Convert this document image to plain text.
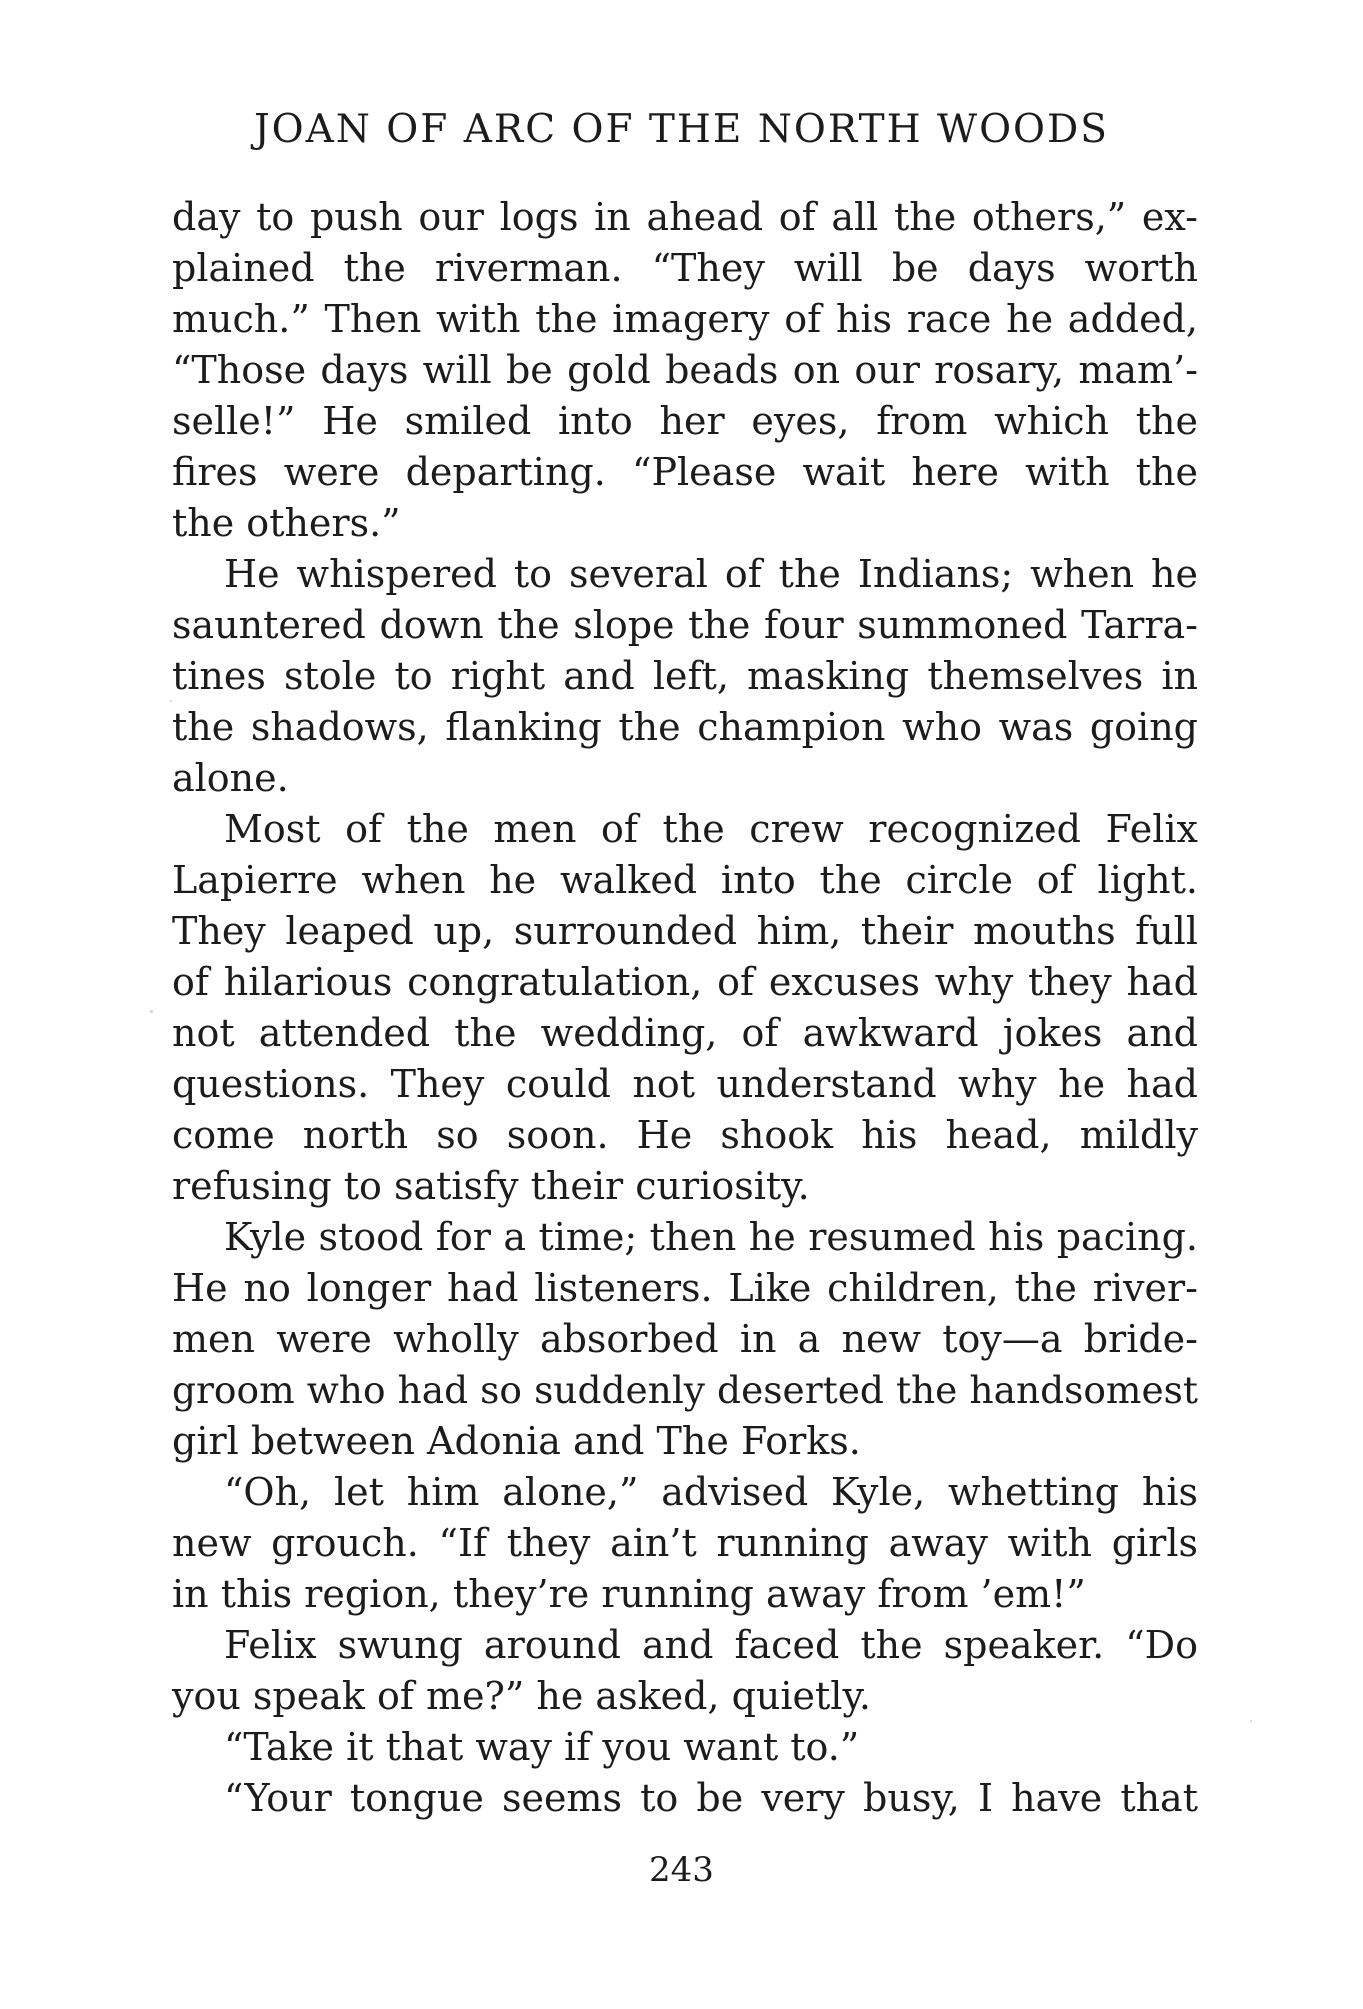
JOAN OF ARC OF THE NORTH WOODS
day to push our logs in ahead of all the others,” ex-
plained the riverman. “They will be days worth
much.” Then with the imagery of his race he added,
“Those days will be gold beads on our rosary, mam’-
selle!” He smiled into her eyes, from which the
fires were departing. “Please wait here with the
the others.”
He whispered to several of the Indians; when he
sauntered down the slope the four summoned Tarra-
tines stole to right and left, masking themselves in
the shadows, flanking the champion who was going
alone.
Most of the men of the crew recognized Felix
Lapierre when he walked into the circle of light.
They leaped up, surrounded him, their mouths full
of hilarious congratulation, of excuses why they had
not attended the wedding, of awkward jokes and
questions. They could not understand why he had
come north so soon. He shook his head, mildly
refusing to satisfy their curiosity.
Kyle stood for a time; then he resumed his pacing.
He no longer had listeners. Like children, the river-
men were wholly absorbed in a new toy—a bride-
groom who had so suddenly deserted the handsomest
girl between Adonia and The Forks.
“Oh, let him alone,” advised Kyle, whetting his
new grouch. “If they ain’t running away with girls
in this region, they’re running away from ’em!”
Felix swung around and faced the speaker. “Do
you speak of me?” he asked, quietly.
“Take it that way if you want to.”
“Your tongue seems to be very busy, I have that
243
